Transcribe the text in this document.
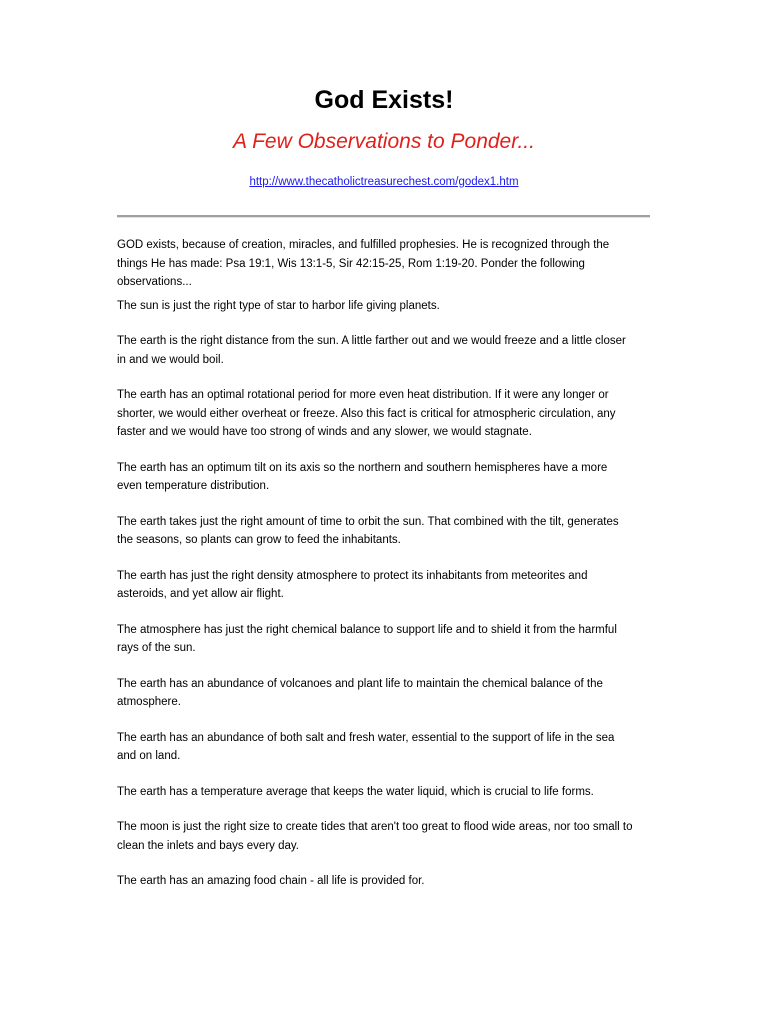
God Exists!
A Few Observations to Ponder...
http://www.thecatholictreasurechest.com/godex1.htm

GOD exists, because of creation, miracles, and fulfilled prophesies. He is recognized through the things He has made: Psa 19:1, Wis 13:1-5, Sir 42:15-25, Rom 1:19-20. Ponder the following observations...

The sun is just the right type of star to harbor life giving planets.

The earth is the right distance from the sun. A little farther out and we would freeze and a little closer in and we would boil.

The earth has an optimal rotational period for more even heat distribution. If it were any longer or shorter, we would either overheat or freeze. Also this fact is critical for atmospheric circulation, any faster and we would have too strong of winds and any slower, we would stagnate.

The earth has an optimum tilt on its axis so the northern and southern hemispheres have a more even temperature distribution.

The earth takes just the right amount of time to orbit the sun. That combined with the tilt, generates the seasons, so plants can grow to feed the inhabitants.

The earth has just the right density atmosphere to protect its inhabitants from meteorites and asteroids, and yet allow air flight.

The atmosphere has just the right chemical balance to support life and to shield it from the harmful rays of the sun.

The earth has an abundance of volcanoes and plant life to maintain the chemical balance of the atmosphere.

The earth has an abundance of both salt and fresh water, essential to the support of life in the sea and on land.

The earth has a temperature average that keeps the water liquid, which is crucial to life forms.

The moon is just the right size to create tides that aren't too great to flood wide areas, nor too small to clean the inlets and bays every day.

The earth has an amazing food chain - all life is provided for.
